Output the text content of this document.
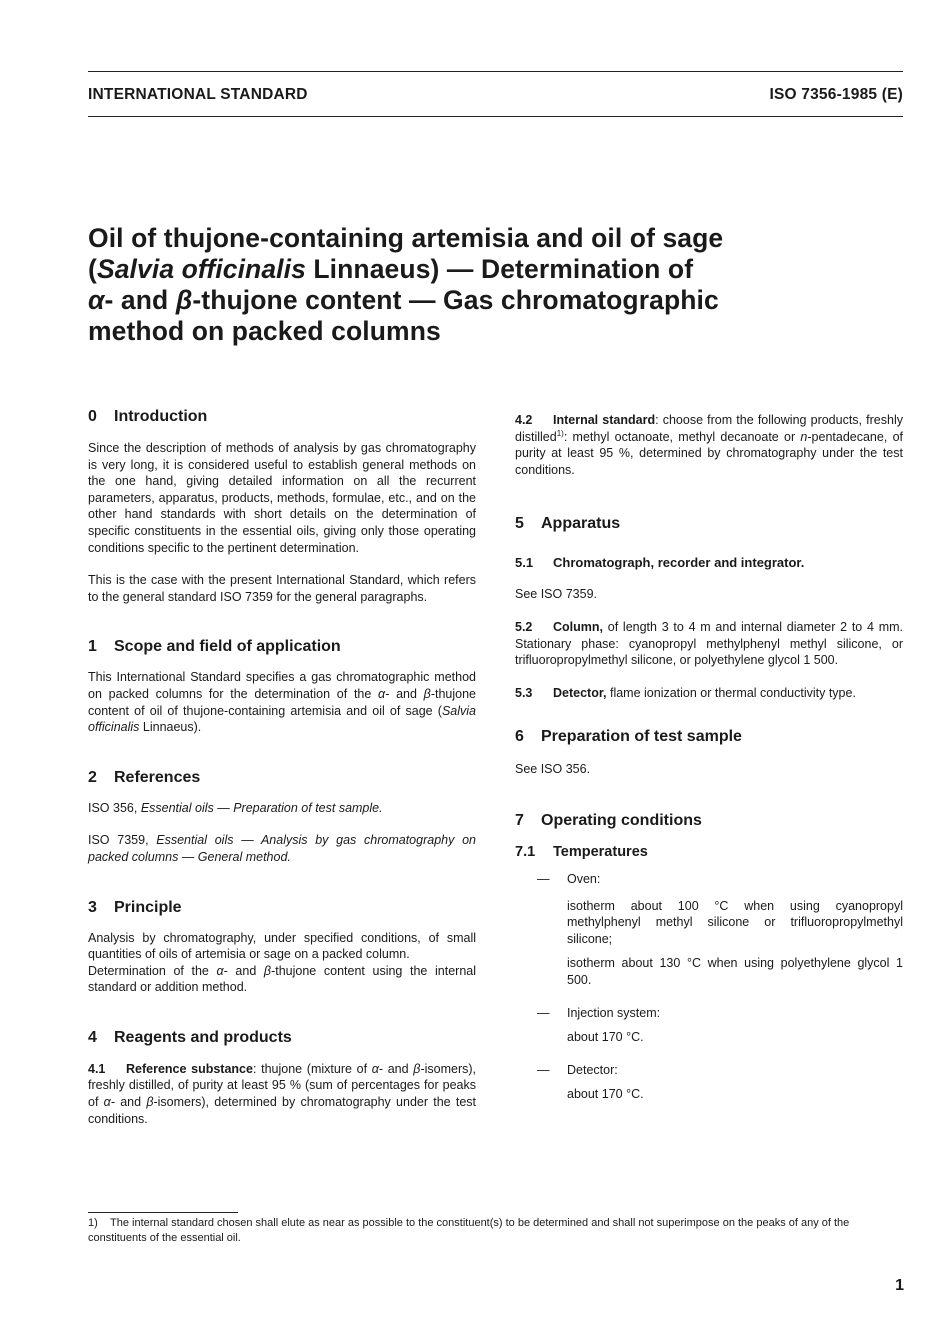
INTERNATIONAL STANDARD	ISO 7356-1985 (E)
Oil of thujone-containing artemisia and oil of sage
(Salvia officinalis Linnaeus) — Determination of
α- and β-thujone content — Gas chromatographic
method on packed columns
0 Introduction

Since the description of methods of analysis by gas chromatography is very long, it is considered useful to establish general methods on the one hand, giving detailed information on all the recurrent parameters, apparatus, products, methods, formulae, etc., and on the other hand standards with short details on the determination of specific constituents in the essential oils, giving only those operating conditions specific to the pertinent determination.

This is the case with the present International Standard, which refers to the general standard ISO 7359 for the general paragraphs.

1 Scope and field of application

This International Standard specifies a gas chromatographic method on packed columns for the determination of the α- and β-thujone content of oil of thujone-containing artemisia and oil of sage (Salvia officinalis Linnaeus).

2 References

ISO 356, Essential oils — Preparation of test sample.

ISO 7359, Essential oils — Analysis by gas chromatography on packed columns — General method.

3 Principle

Analysis by chromatography, under specified conditions, of small quantities of oils of artemisia or sage on a packed column.

Determination of the α- and β-thujone content using the internal standard or addition method.

4 Reagents and products

4.1 Reference substance: thujone (mixture of α- and β-isomers), freshly distilled, of purity at least 95 % (sum of percentages for peaks of α- and β-isomers), determined by chromatography under the test conditions.

4.2 Internal standard: choose from the following products, freshly distilled$^{1)}$: methyl octanoate, methyl decanoate or n-pentadecane, of purity at least 95 %, determined by chromatography under the test conditions.

5 Apparatus
5.1 Chromatograph, recorder and integrator.

See ISO 7359.

5.2 Column, of length 3 to 4 m and internal diameter 2 to 4 mm. Stationary phase: cyanopropyl methylphenyl methyl silicone, or trifluoropropylmethyl silicone, or polyethylene glycol 1 500.

5.3 Detector, flame ionization or thermal conductivity type.

6 Preparation of test sample

See ISO 356.

7 Operating conditions
7.1 Temperatures
— Oven:

isotherm about 100 °C when using cyanopropyl methylphenyl methyl silicone or trifluoropropylmethyl silicone;

isotherm about 130 °C when using polyethylene glycol 1 500.

— Injection system:

about 170 °C.

— Detector:

about 170 °C.

1) The internal standard chosen shall elute as near as possible to the constituent(s) to be determined and shall not superimpose on the peaks of any of the constituents of the essential oil.

1
